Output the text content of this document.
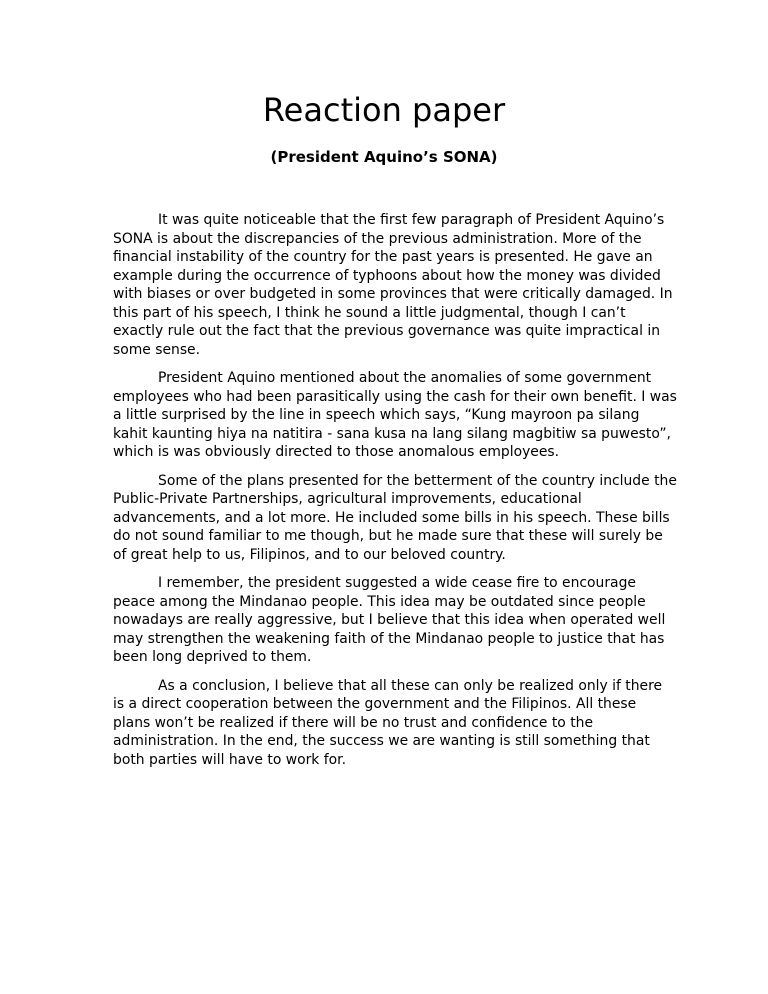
Reaction paper

(President Aquino’s SONA)

It was quite noticeable that the first few paragraph of President Aquino’s SONA is about the discrepancies of the previous administration. More of the financial instability of the country for the past years is presented. He gave an example during the occurrence of typhoons about how the money was divided with biases or over budgeted in some provinces that were critically damaged. In this part of his speech, I think he sound a little judgmental, though I can’t exactly rule out the fact that the previous governance was quite impractical in some sense.

President Aquino mentioned about the anomalies of some government employees who had been parasitically using the cash for their own benefit. I was a little surprised by the line in speech which says, “Kung mayroon pa silang kahit kaunting hiya na natitira - sana kusa na lang silang magbitiw sa puwesto”, which is was obviously directed to those anomalous employees.

Some of the plans presented for the betterment of the country include the Public-Private Partnerships, agricultural improvements, educational advancements, and a lot more. He included some bills in his speech. These bills do not sound familiar to me though, but he made sure that these will surely be of great help to us, Filipinos, and to our beloved country.

I remember, the president suggested a wide cease fire to encourage peace among the Mindanao people. This idea may be outdated since people nowadays are really aggressive, but I believe that this idea when operated well may strengthen the weakening faith of the Mindanao people to justice that has been long deprived to them.

As a conclusion, I believe that all these can only be realized only if there is a direct cooperation between the government and the Filipinos. All these plans won’t be realized if there will be no trust and confidence to the administration. In the end, the success we are wanting is still something that both parties will have to work for.
